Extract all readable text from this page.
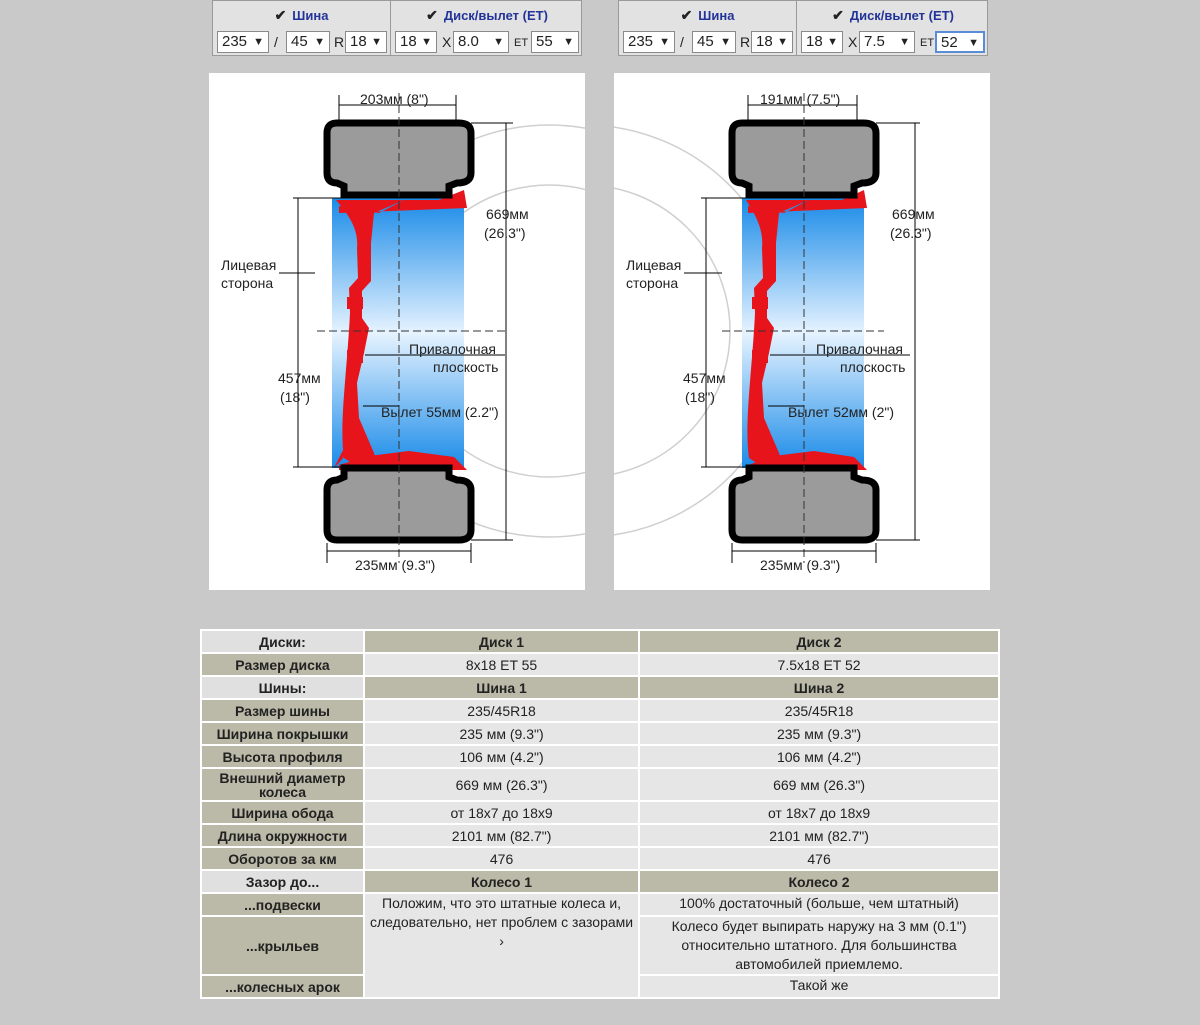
✔ Шина	✔ Диск/вылет (ET)
235 ▼ / 45 ▼ R 18 ▼	18 ▼ X 8.0 ▼ ET 55 ▼
✔ Шина	✔ Диск/вылет (ET)
235 ▼ / 45 ▼ R 18 ▼	18 ▼ X 7.5 ▼ ET 52 ▼
203мм (8")
669мм
(26.3")
Лицевая
сторона
Привалочная
плоскость
457мм
(18")
Вылет 55мм (2.2")
235мм (9.3")
191мм (7.5")
669мм
(26.3")
Лицевая
сторона
Привалочная
плоскость
457мм
(18")
Вылет 52мм (2")
235мм (9.3")
Диски:	Диск 1	Диск 2
Размер диска	8x18 ET 55	7.5x18 ET 52
Шины:	Шина 1	Шина 2
Размер шины	235/45R18	235/45R18
Ширина покрышки	235 мм (9.3")	235 мм (9.3")
Высота профиля	106 мм (4.2")	106 мм (4.2")
Внешний диаметр колеса	669 мм (26.3")	669 мм (26.3")
Ширина обода	от 18x7 до 18x9	от 18x7 до 18x9
Длина окружности	2101 мм (82.7")	2101 мм (82.7")
Оборотов за км	476	476
Зазор до...	Колесо 1	Колесо 2
...подвески	Положим, что это штатные колеса и, следовательно, нет проблем с зазорами ›	100% достаточный (больше, чем штатный)
...крыльев		Колесо будет выпирать наружу на 3 мм (0.1") относительно штатного. Для большинства автомобилей приемлемо.
...колесных арок		Такой же
